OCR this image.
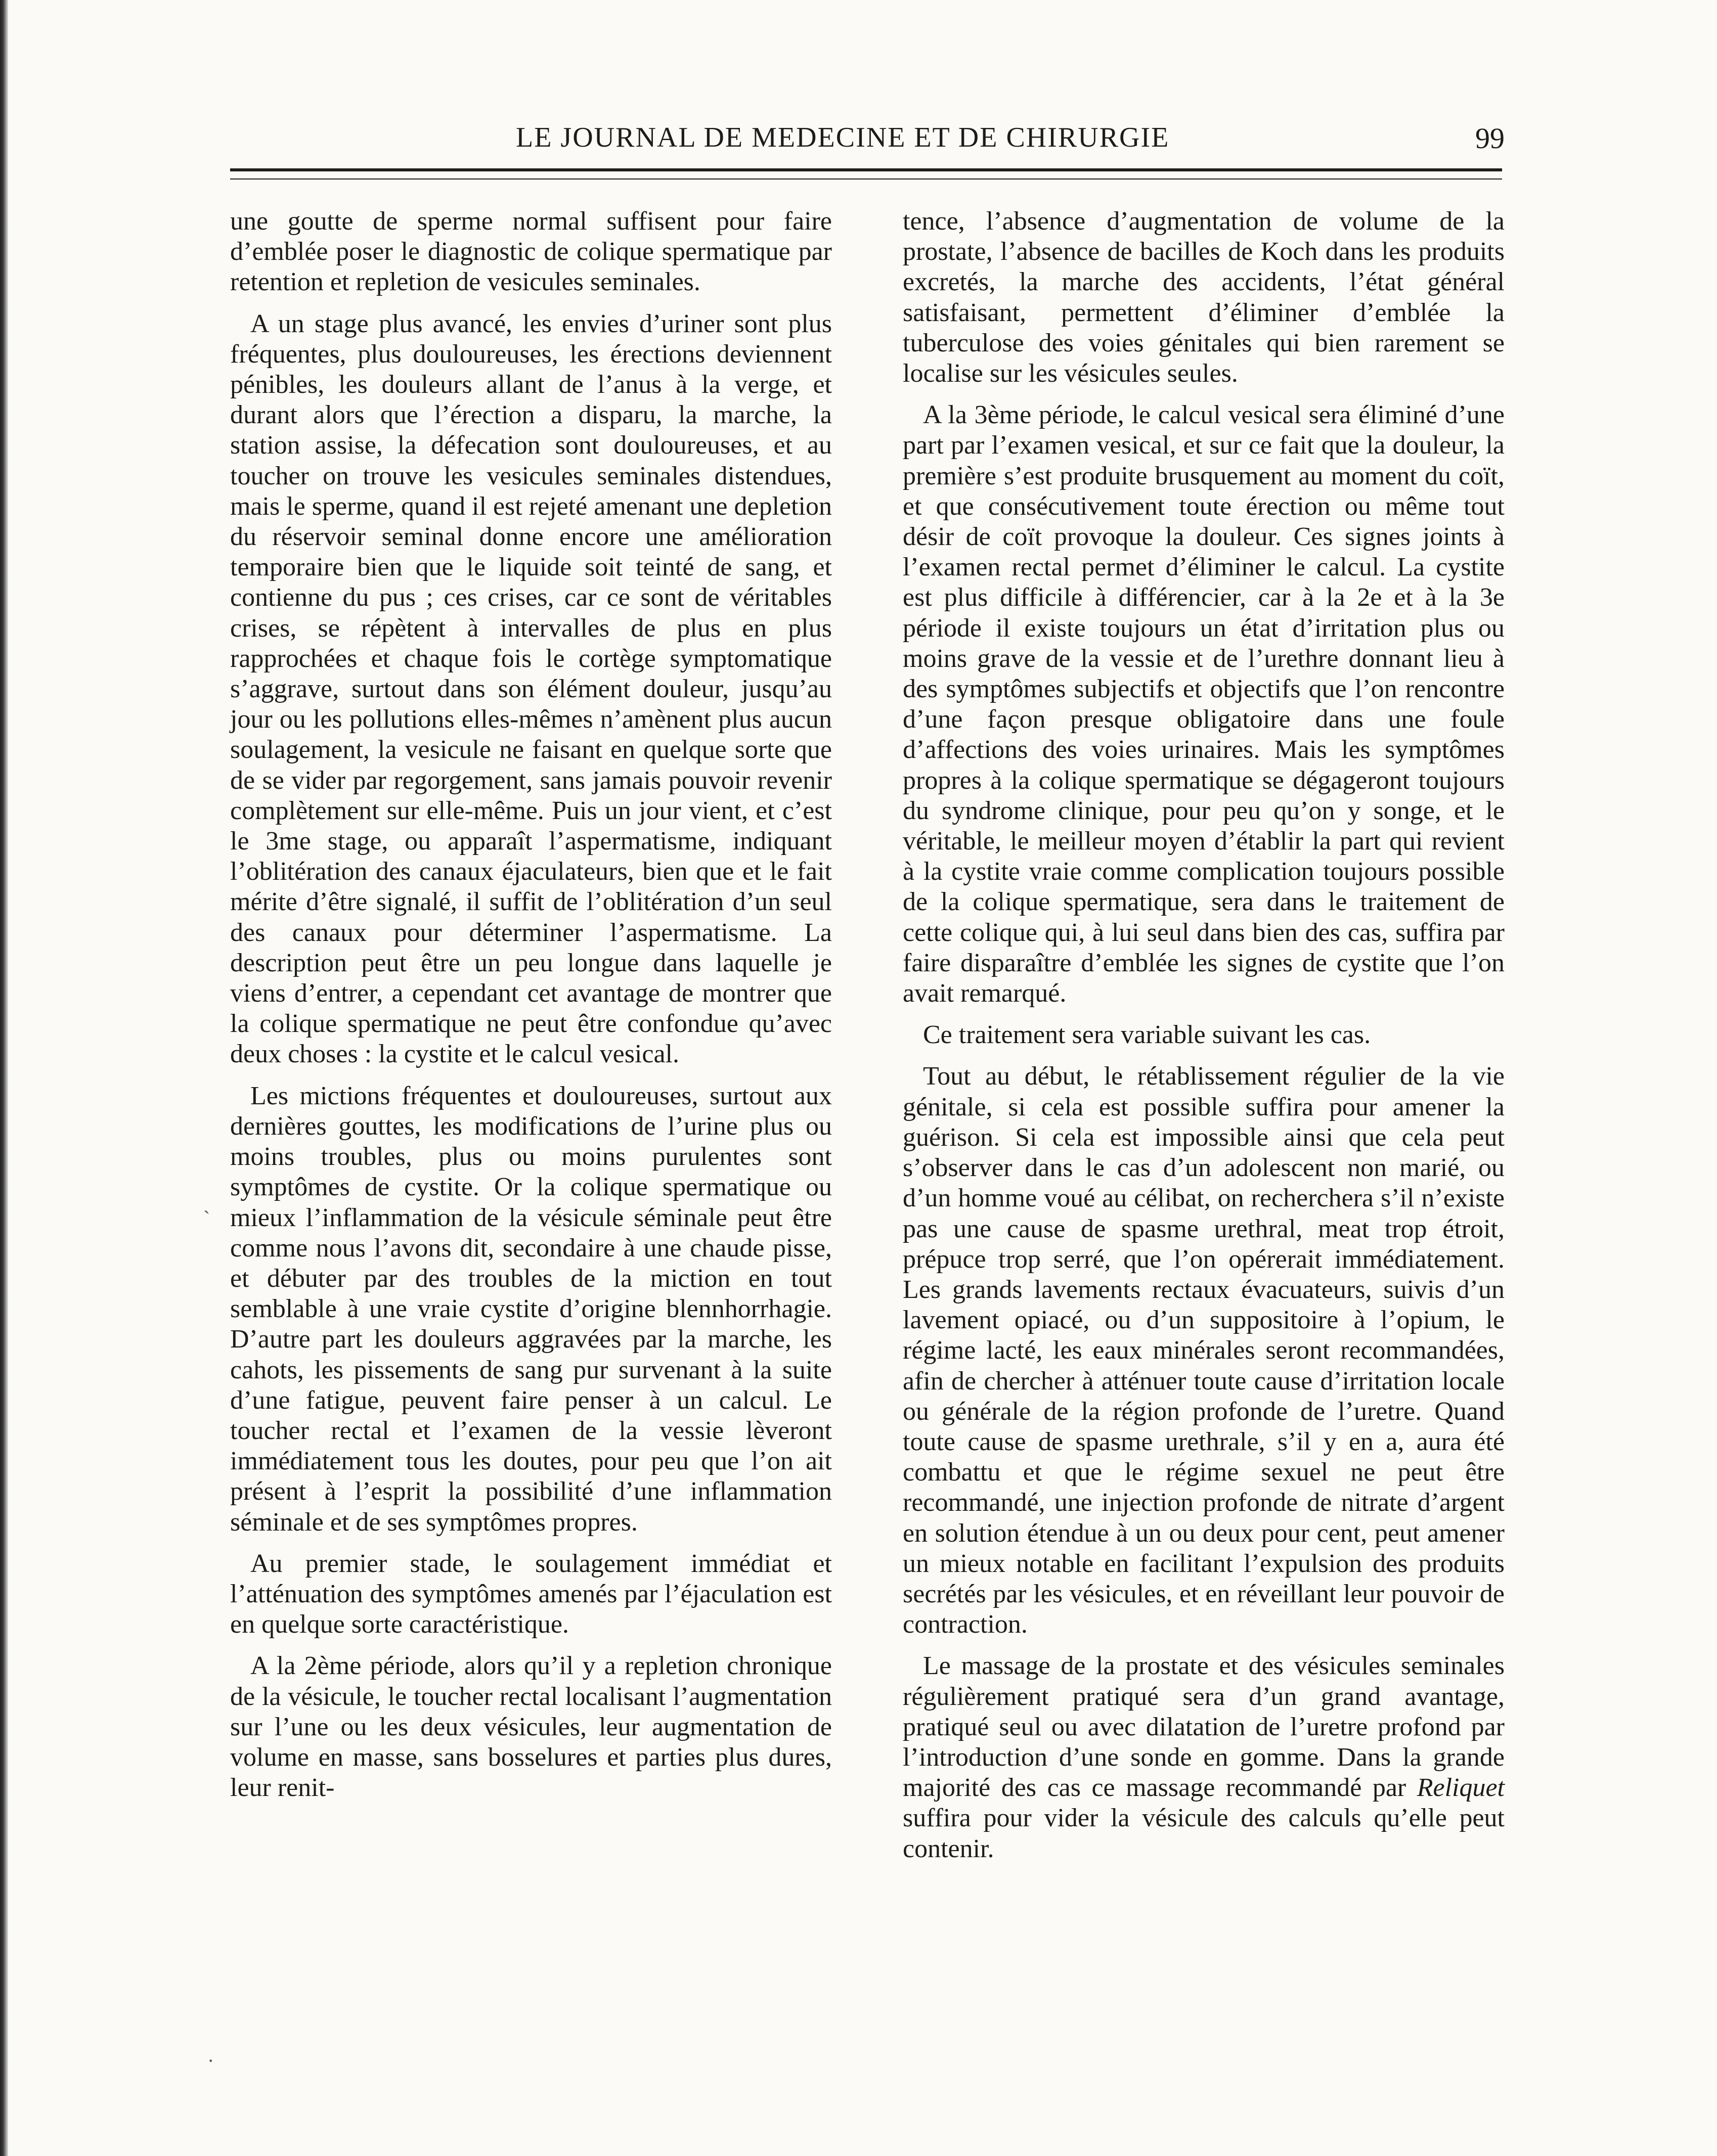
LE JOURNAL DE MEDECINE ET DE CHIRURGIE	99

une goutte de sperme normal suffisent pour faire d’emblée poser le diagnostic de colique spermatique par retention et repletion de vesicules seminales.

A un stage plus avancé, les envies d’uriner sont plus fréquentes, plus douloureuses, les érections deviennent pénibles, les douleurs allant de l’anus à la verge, et durant alors que l’érection a disparu, la marche, la station assise, la défecation sont douloureuses, et au toucher on trouve les vesicules seminales distendues, mais le sperme, quand il est rejeté amenant une depletion du réservoir seminal donne encore une amélioration temporaire bien que le liquide soit teinté de sang, et contienne du pus ; ces crises, car ce sont de véritables crises, se répètent à intervalles de plus en plus rapprochées et chaque fois le cortège symptomatique s’aggrave, surtout dans son élément douleur, jusqu’au jour ou les pollutions elles-mêmes n’amènent plus aucun soulagement, la vesicule ne faisant en quelque sorte que de se vider par regorgement, sans jamais pouvoir revenir complètement sur elle-même. Puis un jour vient, et c’est le 3me stage, ou apparaît l’aspermatisme, indiquant l’oblitération des canaux éjaculateurs, bien que et le fait mérite d’être signalé, il suffit de l’oblitération d’un seul des canaux pour déterminer l’aspermatisme. La description peut être un peu longue dans laquelle je viens d’entrer, a cependant cet avantage de montrer que la colique spermatique ne peut être confondue qu’avec deux choses : la cystite et le calcul vesical.

Les mictions fréquentes et douloureuses, surtout aux dernières gouttes, les modifications de l’urine plus ou moins troubles, plus ou moins purulentes sont symptômes de cystite. Or la colique spermatique ou mieux l’inflammation de la vésicule séminale peut être comme nous l’avons dit, secondaire à une chaude pisse, et débuter par des troubles de la miction en tout semblable à une vraie cystite d’origine blennhorrhagie. D’autre part les douleurs aggravées par la marche, les cahots, les pissements de sang pur survenant à la suite d’une fatigue, peuvent faire penser à un calcul. Le toucher rectal et l’examen de la vessie lèveront immédiatement tous les doutes, pour peu que l’on ait présent à l’esprit la possibilité d’une inflammation séminale et de ses symptômes propres.

Au premier stade, le soulagement immédiat et l’atténuation des symptômes amenés par l’éjaculation est en quelque sorte caractéristique.

A la 2ème période, alors qu’il y a repletion chronique de la vésicule, le toucher rectal localisant l’augmentation sur l’une ou les deux vésicules, leur augmentation de volume en masse, sans bosselures et parties plus dures, leur renit-

tence, l’absence d’augmentation de volume de la prostate, l’absence de bacilles de Koch dans les produits excretés, la marche des accidents, l’état général satisfaisant, permettent d’éliminer d’emblée la tuberculose des voies génitales qui bien rarement se localise sur les vésicules seules.

A la 3ème période, le calcul vesical sera éliminé d’une part par l’examen vesical, et sur ce fait que la douleur, la première s’est produite brusquement au moment du coït, et que consécutivement toute érection ou même tout désir de coït provoque la douleur. Ces signes joints à l’examen rectal permet d’éliminer le calcul. La cystite est plus difficile à différencier, car à la 2e et à la 3e période il existe toujours un état d’irritation plus ou moins grave de la vessie et de l’urethre donnant lieu à des symptômes subjectifs et objectifs que l’on rencontre d’une façon presque obligatoire dans une foule d’affections des voies urinaires. Mais les symptômes propres à la colique spermatique se dégageront toujours du syndrome clinique, pour peu qu’on y songe, et le véritable, le meilleur moyen d’établir la part qui revient à la cystite vraie comme complication toujours possible de la colique spermatique, sera dans le traitement de cette colique qui, à lui seul dans bien des cas, suffira par faire disparaître d’emblée les signes de cystite que l’on avait remarqué.

Ce traitement sera variable suivant les cas.

Tout au début, le rétablissement régulier de la vie génitale, si cela est possible suffira pour amener la guérison. Si cela est impossible ainsi que cela peut s’observer dans le cas d’un adolescent non marié, ou d’un homme voué au célibat, on recherchera s’il n’existe pas une cause de spasme urethral, meat trop étroit, prépuce trop serré, que l’on opérerait immédiatement. Les grands lavements rectaux évacuateurs, suivis d’un lavement opiacé, ou d’un suppositoire à l’opium, le régime lacté, les eaux minérales seront recommandées, afin de chercher à atténuer toute cause d’irritation locale ou générale de la région profonde de l’uretre. Quand toute cause de spasme urethrale, s’il y en a, aura été combattu et que le régime sexuel ne peut être recommandé, une injection profonde de nitrate d’argent en solution étendue à un ou deux pour cent, peut amener un mieux notable en facilitant l’expulsion des produits secrétés par les vésicules, et en réveillant leur pouvoir de contraction.

Le massage de la prostate et des vésicules seminales régulièrement pratiqué sera d’un grand avantage, pratiqué seul ou avec dilatation de l’uretre profond par l’introduction d’une sonde en gomme. Dans la grande majorité des cas ce massage recommandé par Reliquet suffira pour vider la vésicule des calculs qu’elle peut contenir.

ˏ
·
